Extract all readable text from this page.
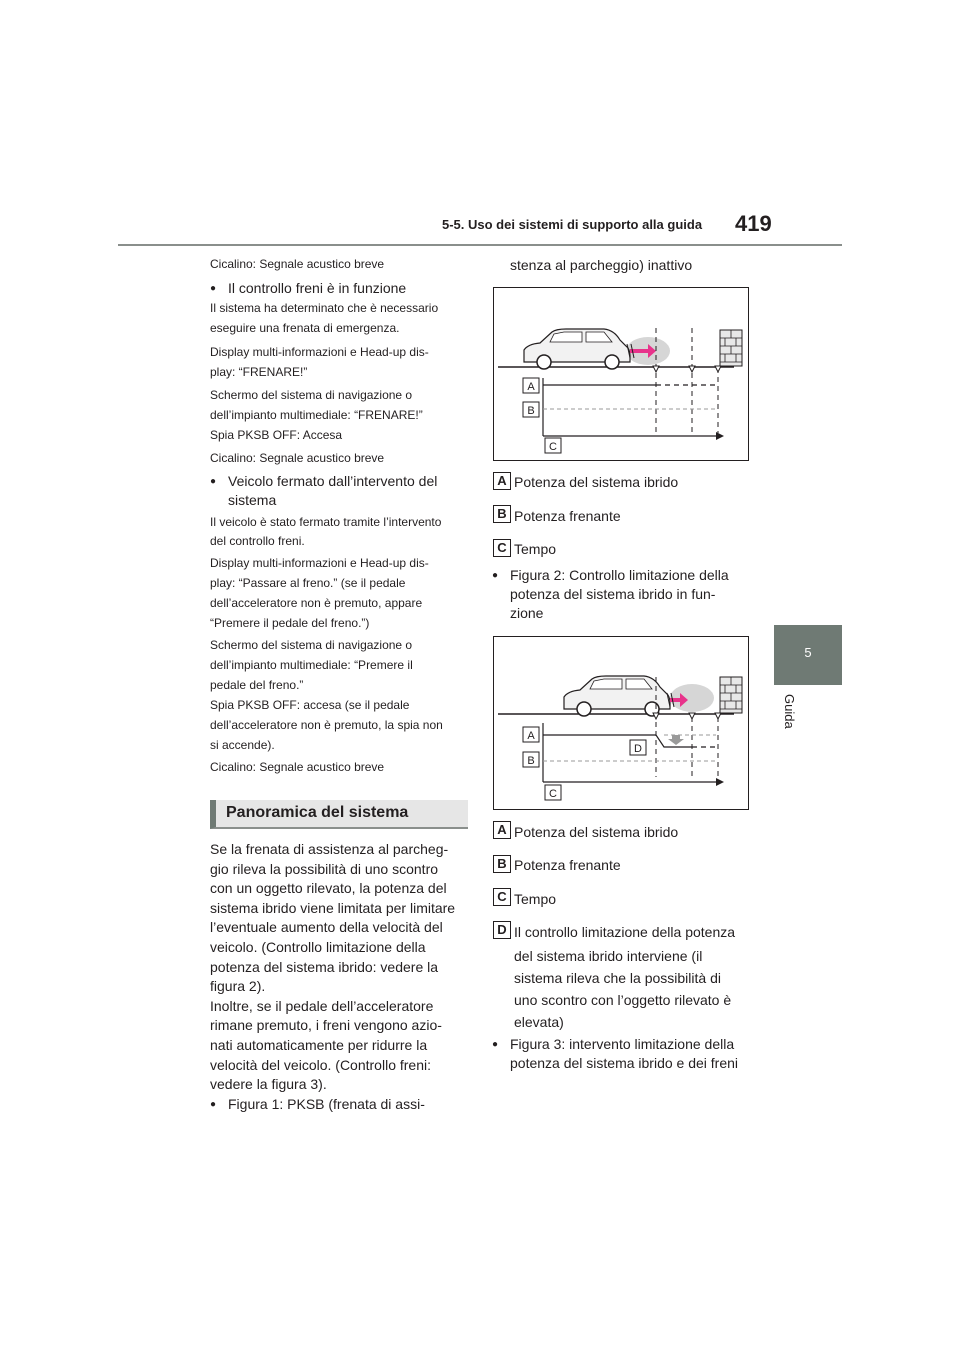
5-5. Uso dei sistemi di supporto alla guida 419
5
Guida
Cicalino: Segnale acustico breve
● Il controllo freni è in funzione
Il sistema ha determinato che è necessario
eseguire una frenata di emergenza.
Display multi-informazioni e Head-up dis-
play: “FRENARE!”
Schermo del sistema di navigazione o
dell’impianto multimediale: “FRENARE!”
Spia PKSB OFF: Accesa
Cicalino: Segnale acustico breve
● Veicolo fermato dall’intervento del
sistema
Il veicolo è stato fermato tramite l’intervento
del controllo freni.
Display multi-informazioni e Head-up dis-
play: “Passare al freno.” (se il pedale
dell’acceleratore non è premuto, appare
“Premere il pedale del freno.”)
Schermo del sistema di navigazione o
dell’impianto multimediale: “Premere il
pedale del freno.”
Spia PKSB OFF: accesa (se il pedale
dell’acceleratore non è premuto, la spia non
si accende).
Cicalino: Segnale acustico breve
Panoramica del sistema
Se la frenata di assistenza al parcheg-
gio rileva la possibilità di uno scontro
con un oggetto rilevato, la potenza del
sistema ibrido viene limitata per limitare
l’eventuale aumento della velocità del
veicolo. (Controllo limitazione della
potenza del sistema ibrido: vedere la
figura 2).
Inoltre, se il pedale dell’acceleratore
rimane premuto, i freni vengono azio-
nati automaticamente per ridurre la
velocità del veicolo. (Controllo freni:
vedere la figura 3).
● Figura 1: PKSB (frenata di assi-
stenza al parcheggio) inattivo
A
B
C
A Potenza del sistema ibrido
B Potenza frenante
C Tempo
● Figura 2: Controllo limitazione della
potenza del sistema ibrido in fun-
zione
A
B
C
D
A Potenza del sistema ibrido
B Potenza frenante
C Tempo
D Il controllo limitazione della potenza
del sistema ibrido interviene (il
sistema rileva che la possibilità di
uno scontro con l’oggetto rilevato è
elevata)
● Figura 3: intervento limitazione della
potenza del sistema ibrido e dei freni
